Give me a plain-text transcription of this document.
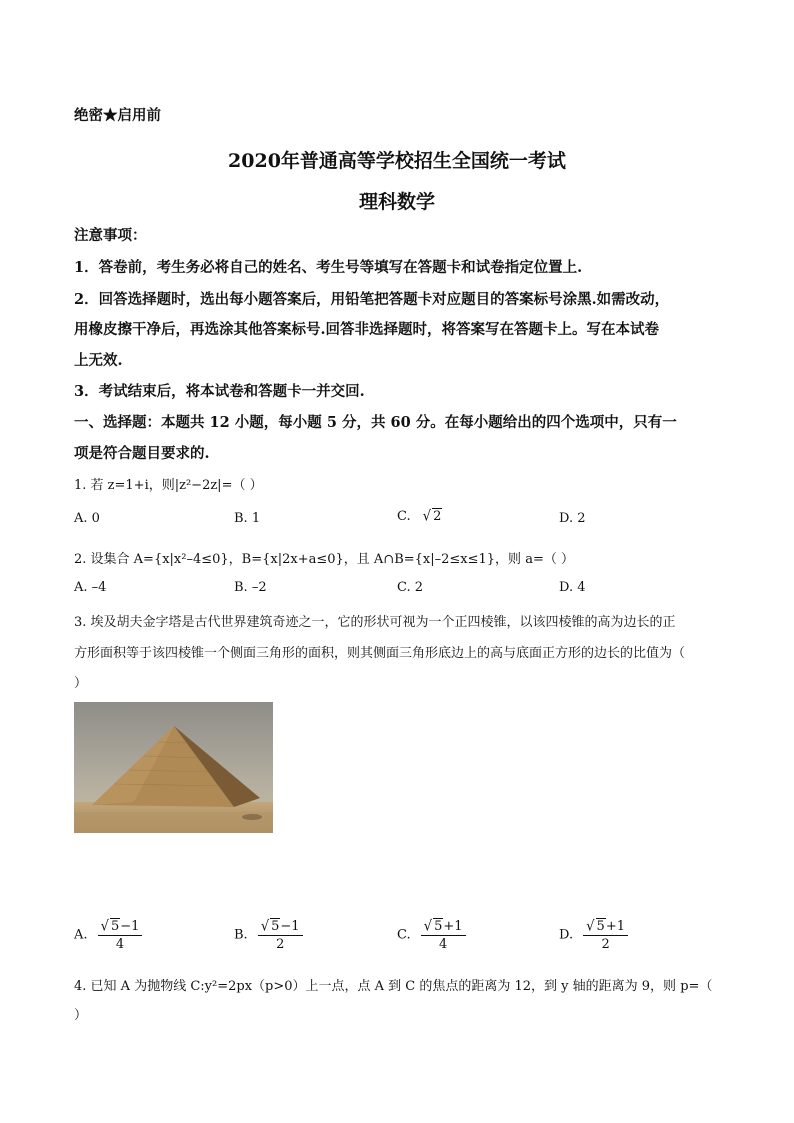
绝密★启用前
2020年普通高等学校招生全国统一考试
理科数学
注意事项：
1．答卷前，考生务必将自己的姓名、考生号等填写在答题卡和试卷指定位置上.
2．回答选择题时，选出每小题答案后，用铅笔把答题卡对应题目的答案标号涂黑.如需改动，
用橡皮擦干净后，再选涂其他答案标号.回答非选择题时，将答案写在答题卡上。写在本试卷
上无效.
3．考试结束后，将本试卷和答题卡一并交回.
一、选择题：本题共 12 小题，每小题 5 分，共 60 分。在每小题给出的四个选项中，只有一
项是符合题目要求的.
1. 若 z=1+i，则|z²−2z|=（ ）
A. 0	B. 1	C. √ 2	D. 2
2. 设集合 A={x|x²–4≤0}，B={x|2x+a≤0}，且 A∩B={x|–2≤x≤1}，则 a=（ ）
A. –4	B. –2	C. 2	D. 4
3. 埃及胡夫金字塔是古代世界建筑奇迹之一，它的形状可视为一个正四棱锥，以该四棱锥的高为边长的正
方形面积等于该四棱锥一个侧面三角形的面积，则其侧面三角形底边上的高与底面正方形的边长的比值为（
）
A. $\frac{√ 5-1}{4}$	B. $\frac{√ 5-1}{2}$	C. $\frac{√ 5+1}{4}$	D. $\frac{√ 5+1}{2}$
4. 已知 A 为抛物线 C:y²=2px（p>0）上一点，点 A 到 C 的焦点的距离为 12，到 y 轴的距离为 9，则 p=（
）
